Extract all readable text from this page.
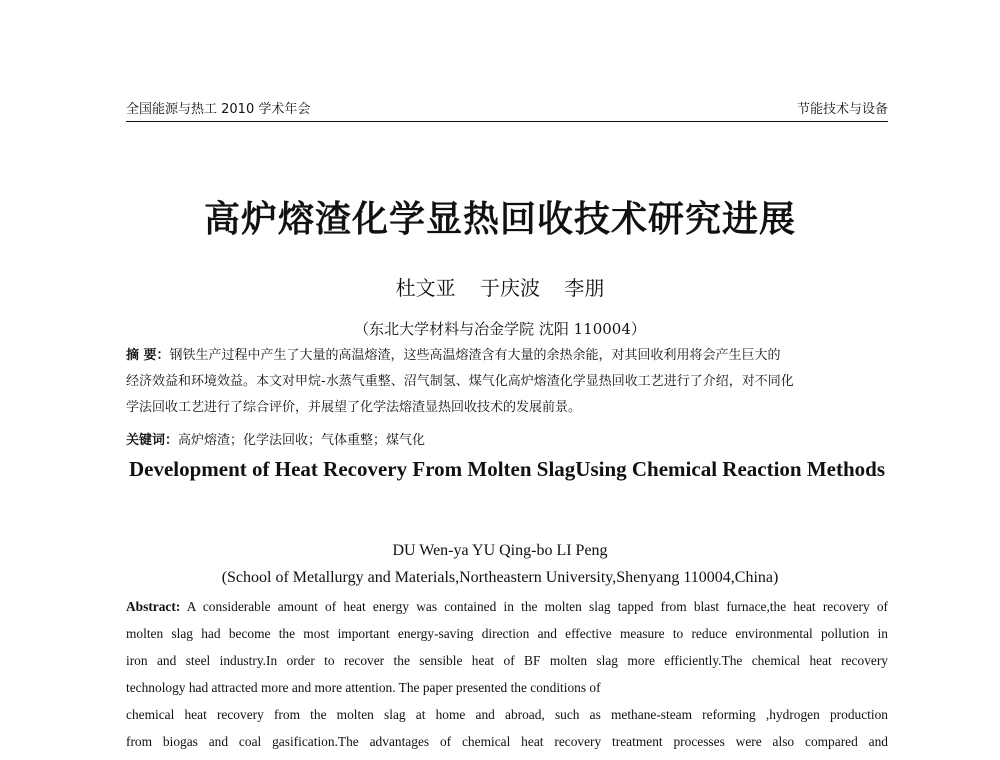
全国能源与热工 2010 学术年会	节能技术与设备
高炉熔渣化学显热回收技术研究进展
杜文亚 于庆波 李朋
（东北大学材料与冶金学院 沈阳 110004）
摘 要：钢铁生产过程中产生了大量的高温熔渣，这些高温熔渣含有大量的余热余能，对其回收利用将会产生巨大的
经济效益和环境效益。本文对甲烷-水蒸气重整、沼气制氢、煤气化高炉熔渣化学显热回收工艺进行了介绍，对不同化
学法回收工艺进行了综合评价，并展望了化学法熔渣显热回收技术的发展前景。
关键词：高炉熔渣；化学法回收；气体重整；煤气化
Development of Heat Recovery From Molten SlagUsing Chemical Reaction Methods
DU Wen-ya YU Qing-bo LI Peng
(School of Metallurgy and Materials,Northeastern University,Shenyang 110004,China)
Abstract: A considerable amount of heat energy was contained in the molten slag tapped from blast furnace,the heat recovery of
molten slag had become the most important energy-saving direction and effective measure to reduce environmental pollution in
iron and steel industry.In order to recover the sensible heat of BF molten slag more efficiently.The chemical heat recovery
technology had attracted more and more attention. The paper presented the conditions of
chemical heat recovery from the molten slag at home and abroad, such as methane-steam reforming ,hydrogen production
from biogas and coal gasification.The advantages of chemical heat recovery treatment processes were also compared and
